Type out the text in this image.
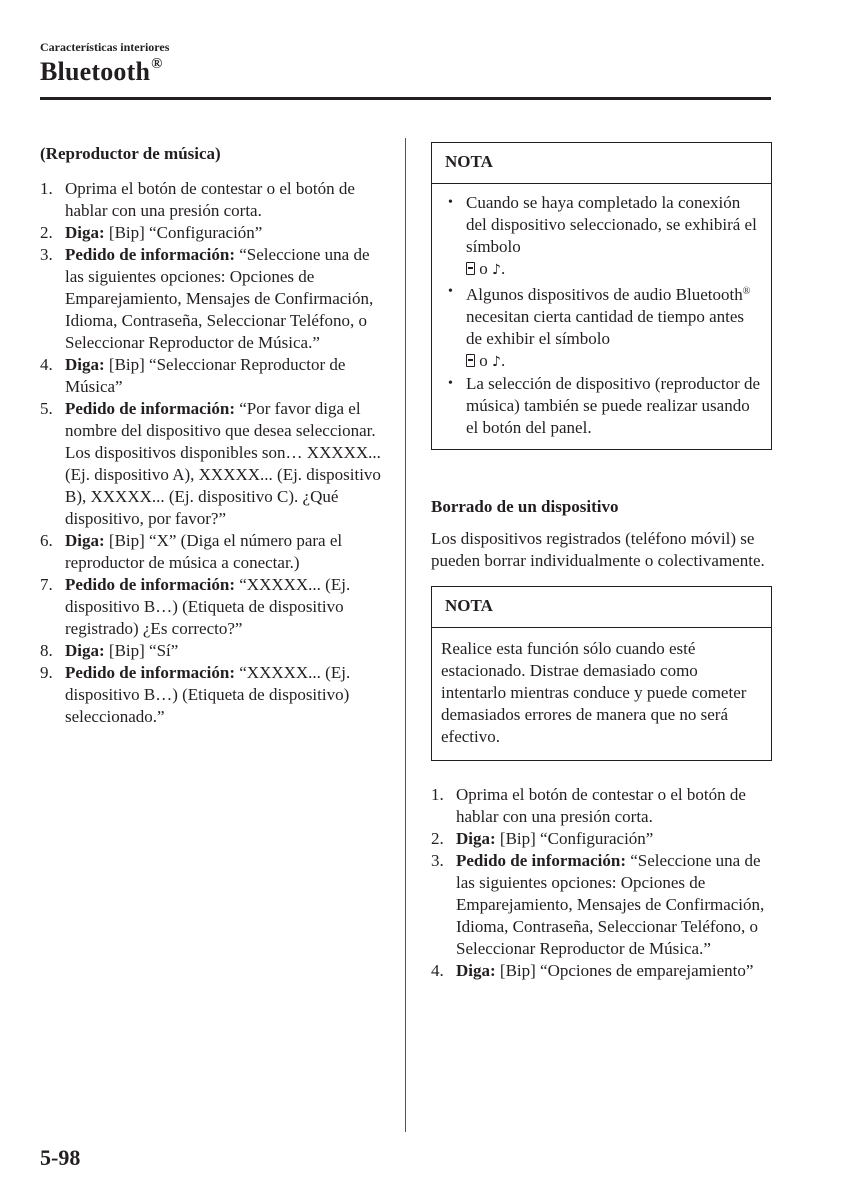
Características interiores
Bluetooth®
(Reproductor de música)
1. Oprima el botón de contestar o el botón de hablar con una presión corta.
2. Diga: [Bip] “Configuración”
3. Pedido de información: “Seleccione una de las siguientes opciones: Opciones de Emparejamiento, Mensajes de Confirmación, Idioma, Contraseña, Seleccionar Teléfono, o Seleccionar Reproductor de Música.”
4. Diga: [Bip] “Seleccionar Reproductor de Música”
5. Pedido de información: “Por favor diga el nombre del dispositivo que desea seleccionar. Los dispositivos disponibles son… XXXXX... (Ej. dispositivo A), XXXXX... (Ej. dispositivo B), XXXXX... (Ej. dispositivo C). ¿Qué dispositivo, por favor?”
6. Diga: [Bip] “X” (Diga el número para el reproductor de música a conectar.)
7. Pedido de información: “XXXXX... (Ej. dispositivo B…) (Etiqueta de dispositivo registrado) ¿Es correcto?”
8. Diga: [Bip] “Sí”
9. Pedido de información: “XXXXX... (Ej. dispositivo B…) (Etiqueta de dispositivo) seleccionado.”
NOTA
• Cuando se haya completado la conexión del dispositivo seleccionado, se exhibirá el símbolo
o ♪.
• Algunos dispositivos de audio Bluetooth® necesitan cierta cantidad de tiempo antes de exhibir el símbolo
o ♪.
• La selección de dispositivo (reproductor de música) también se puede realizar usando el botón del panel.
Borrado de un dispositivo

Los dispositivos registrados (teléfono móvil) se pueden borrar individualmente o colectivamente.

NOTA
Realice esta función sólo cuando esté estacionado. Distrae demasiado como intentarlo mientras conduce y puede cometer demasiados errores de manera que no será efectivo.
1. Oprima el botón de contestar o el botón de hablar con una presión corta.
2. Diga: [Bip] “Configuración”
3. Pedido de información: “Seleccione una de las siguientes opciones: Opciones de Emparejamiento, Mensajes de Confirmación, Idioma, Contraseña, Seleccionar Teléfono, o Seleccionar Reproductor de Música.”
4. Diga: [Bip] “Opciones de emparejamiento”
5-98
